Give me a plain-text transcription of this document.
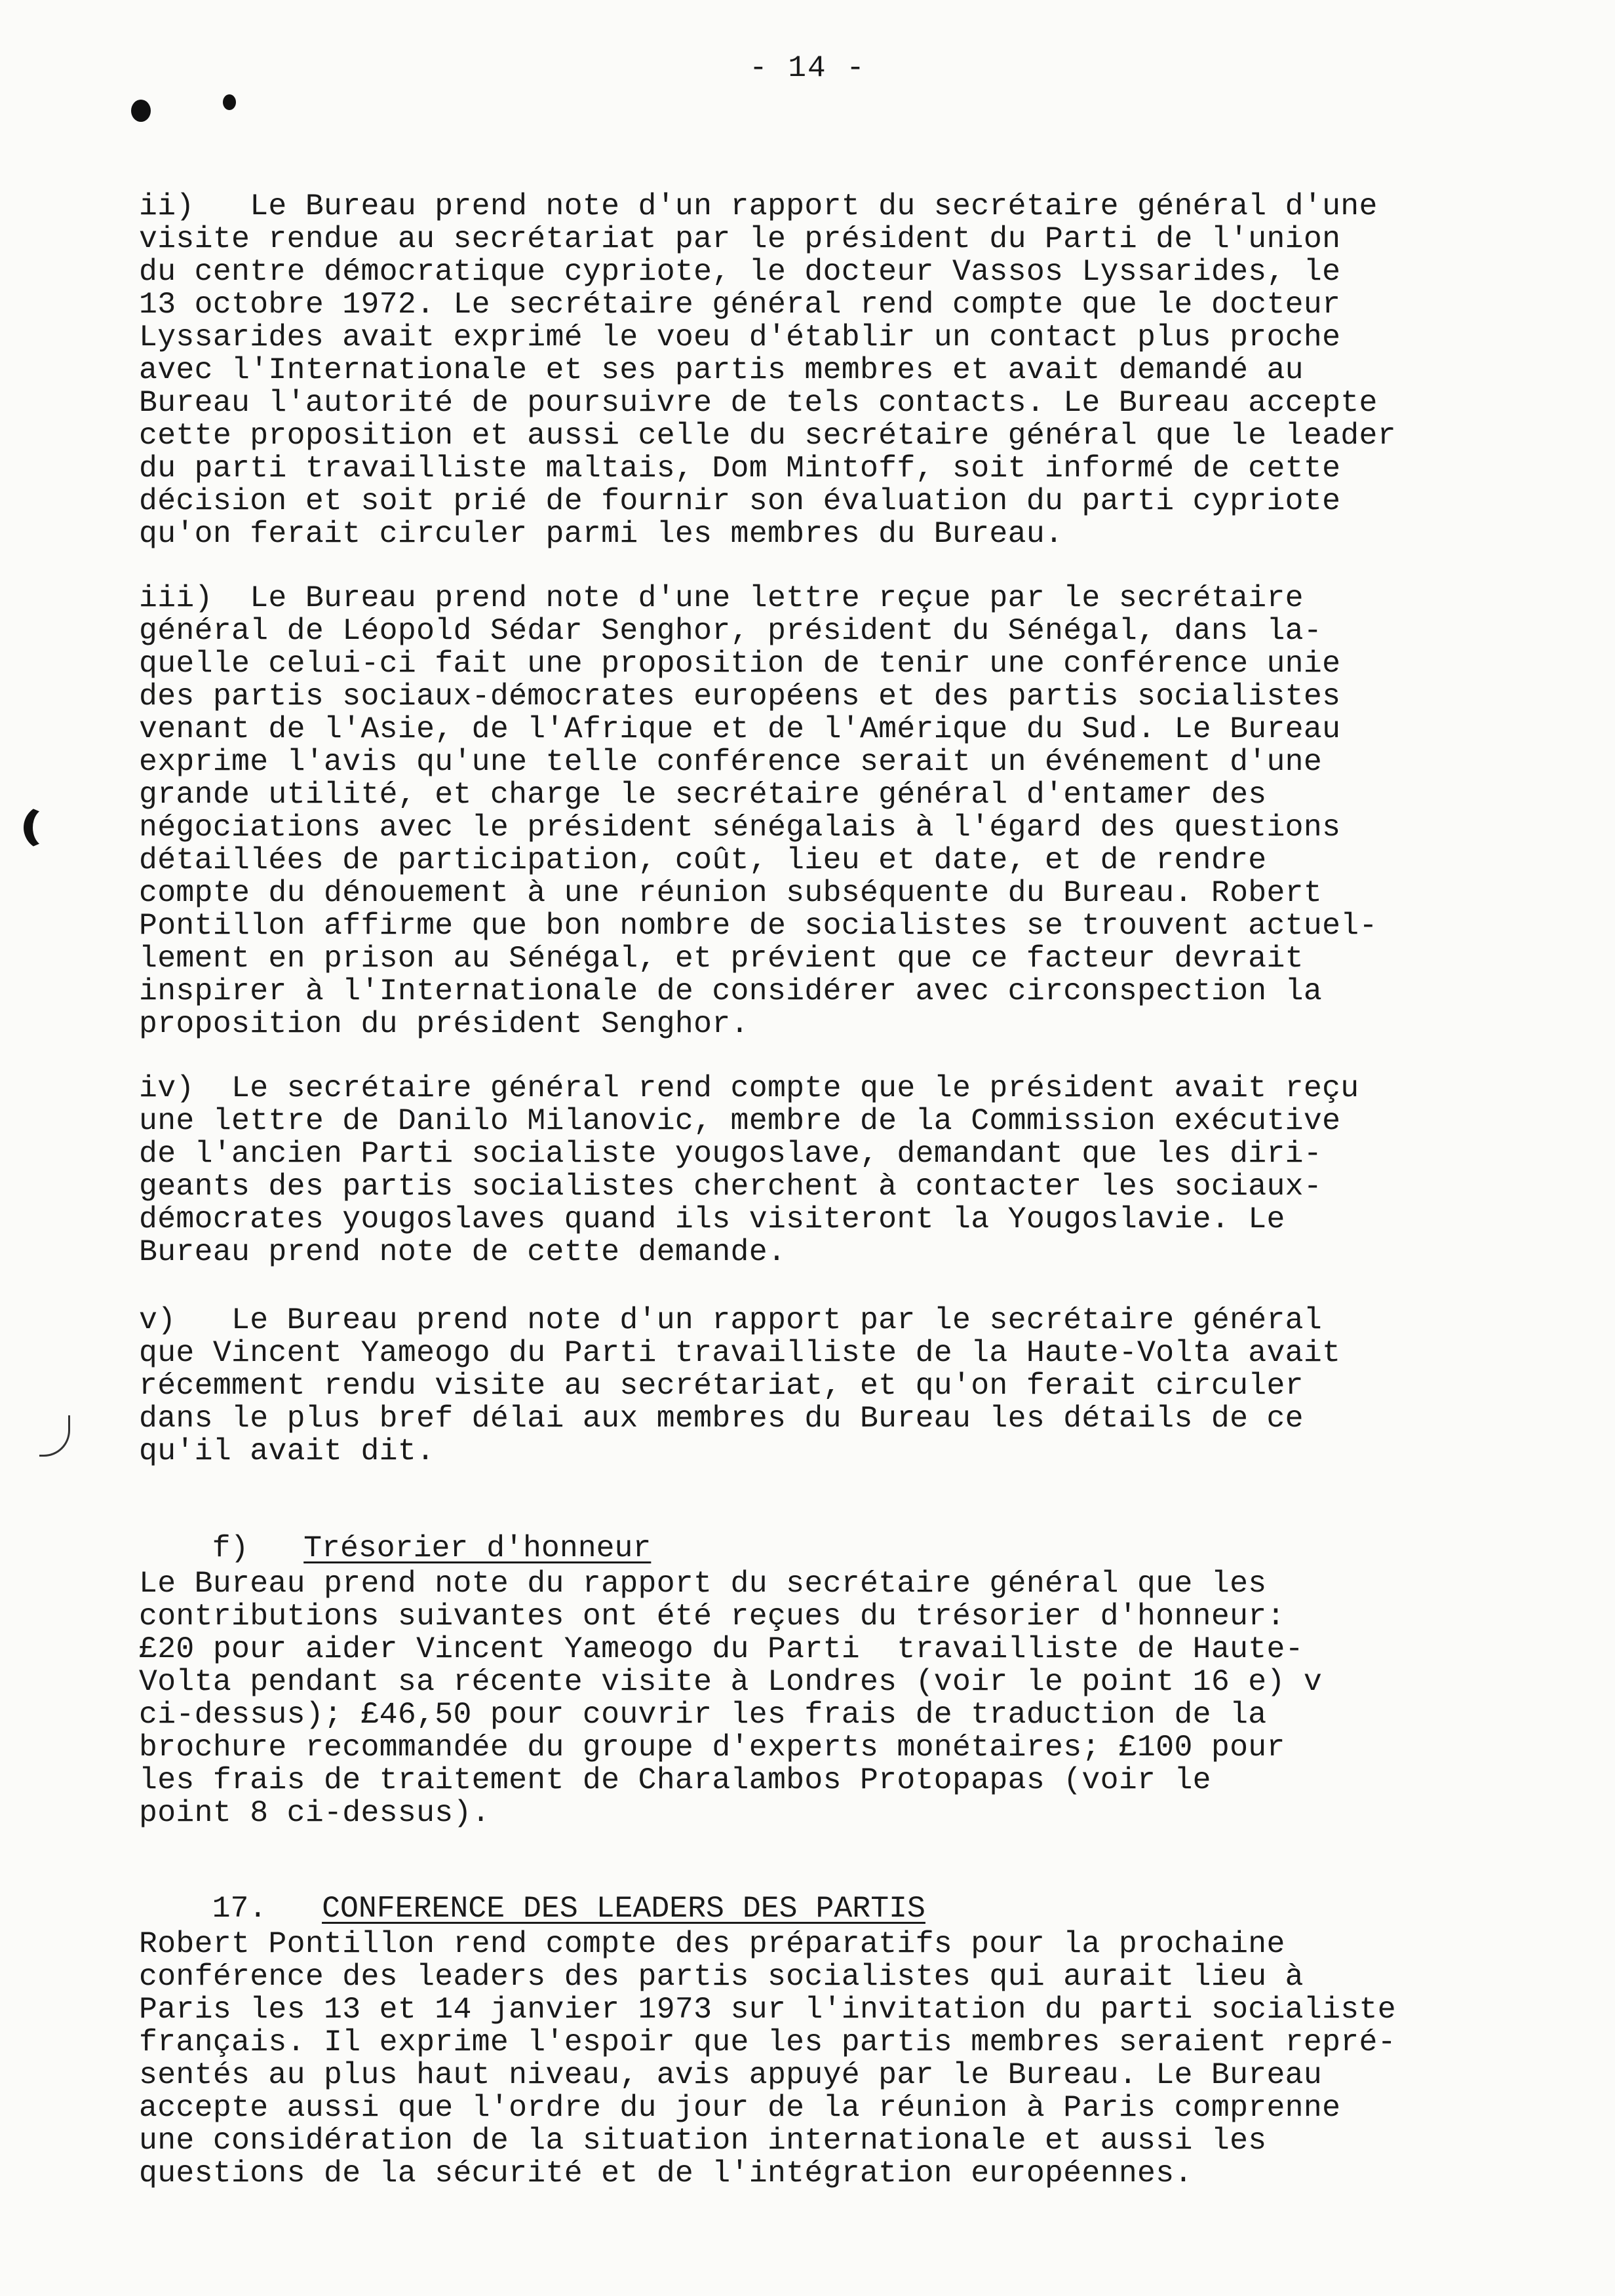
- 14 -

ii)   Le Bureau prend note d'un rapport du secrétaire général d'une
visite rendue au secrétariat par le président du Parti de l'union
du centre démocratique cypriote, le docteur Vassos Lyssarides, le
13 octobre 1972. Le secrétaire général rend compte que le docteur
Lyssarides avait exprimé le voeu d'établir un contact plus proche
avec l'Internationale et ses partis membres et avait demandé au
Bureau l'autorité de poursuivre de tels contacts. Le Bureau accepte
cette proposition et aussi celle du secrétaire général que le leader
du parti travailliste maltais, Dom Mintoff, soit informé de cette
décision et soit prié de fournir son évaluation du parti cypriote
qu'on ferait circuler parmi les membres du Bureau.

iii)  Le Bureau prend note d'une lettre reçue par le secrétaire
général de Léopold Sédar Senghor, président du Sénégal, dans la-
quelle celui-ci fait une proposition de tenir une conférence unie
des partis sociaux-démocrates européens et des partis socialistes
venant de l'Asie, de l'Afrique et de l'Amérique du Sud. Le Bureau
exprime l'avis qu'une telle conférence serait un événement d'une
grande utilité, et charge le secrétaire général d'entamer des
négociations avec le président sénégalais à l'égard des questions
détaillées de participation, coût, lieu et date, et de rendre
compte du dénouement à une réunion subséquente du Bureau. Robert
Pontillon affirme que bon nombre de socialistes se trouvent actuel-
lement en prison au Sénégal, et prévient que ce facteur devrait
inspirer à l'Internationale de considérer avec circonspection la
proposition du président Senghor.

iv)  Le secrétaire général rend compte que le président avait reçu
une lettre de Danilo Milanovic, membre de la Commission exécutive
de l'ancien Parti socialiste yougoslave, demandant que les diri-
geants des partis socialistes cherchent à contacter les sociaux-
démocrates yougoslaves quand ils visiteront la Yougoslavie. Le
Bureau prend note de cette demande.

v)   Le Bureau prend note d'un rapport par le secrétaire général
que Vincent Yameogo du Parti travailliste de la Haute-Volta avait
récemment rendu visite au secrétariat, et qu'on ferait circuler
dans le plus bref délai aux membres du Bureau les détails de ce
qu'il avait dit.

f) Trésorier d'honneur

Le Bureau prend note du rapport du secrétaire général que les
contributions suivantes ont été reçues du trésorier d'honneur:
£20 pour aider Vincent Yameogo du Parti  travailliste de Haute-
Volta pendant sa récente visite à Londres (voir le point 16 e) v
ci-dessus); £46,50 pour couvrir les frais de traduction de la
brochure recommandée du groupe d'experts monétaires; £100 pour
les frais de traitement de Charalambos Protopapas (voir le
point 8 ci-dessus).

17. CONFERENCE DES LEADERS DES PARTIS

Robert Pontillon rend compte des préparatifs pour la prochaine
conférence des leaders des partis socialistes qui aurait lieu à
Paris les 13 et 14 janvier 1973 sur l'invitation du parti socialiste
français. Il exprime l'espoir que les partis membres seraient repré-
sentés au plus haut niveau, avis appuyé par le Bureau. Le Bureau
accepte aussi que l'ordre du jour de la réunion à Paris comprenne
une considération de la situation internationale et aussi les
questions de la sécurité et de l'intégration européennes.
